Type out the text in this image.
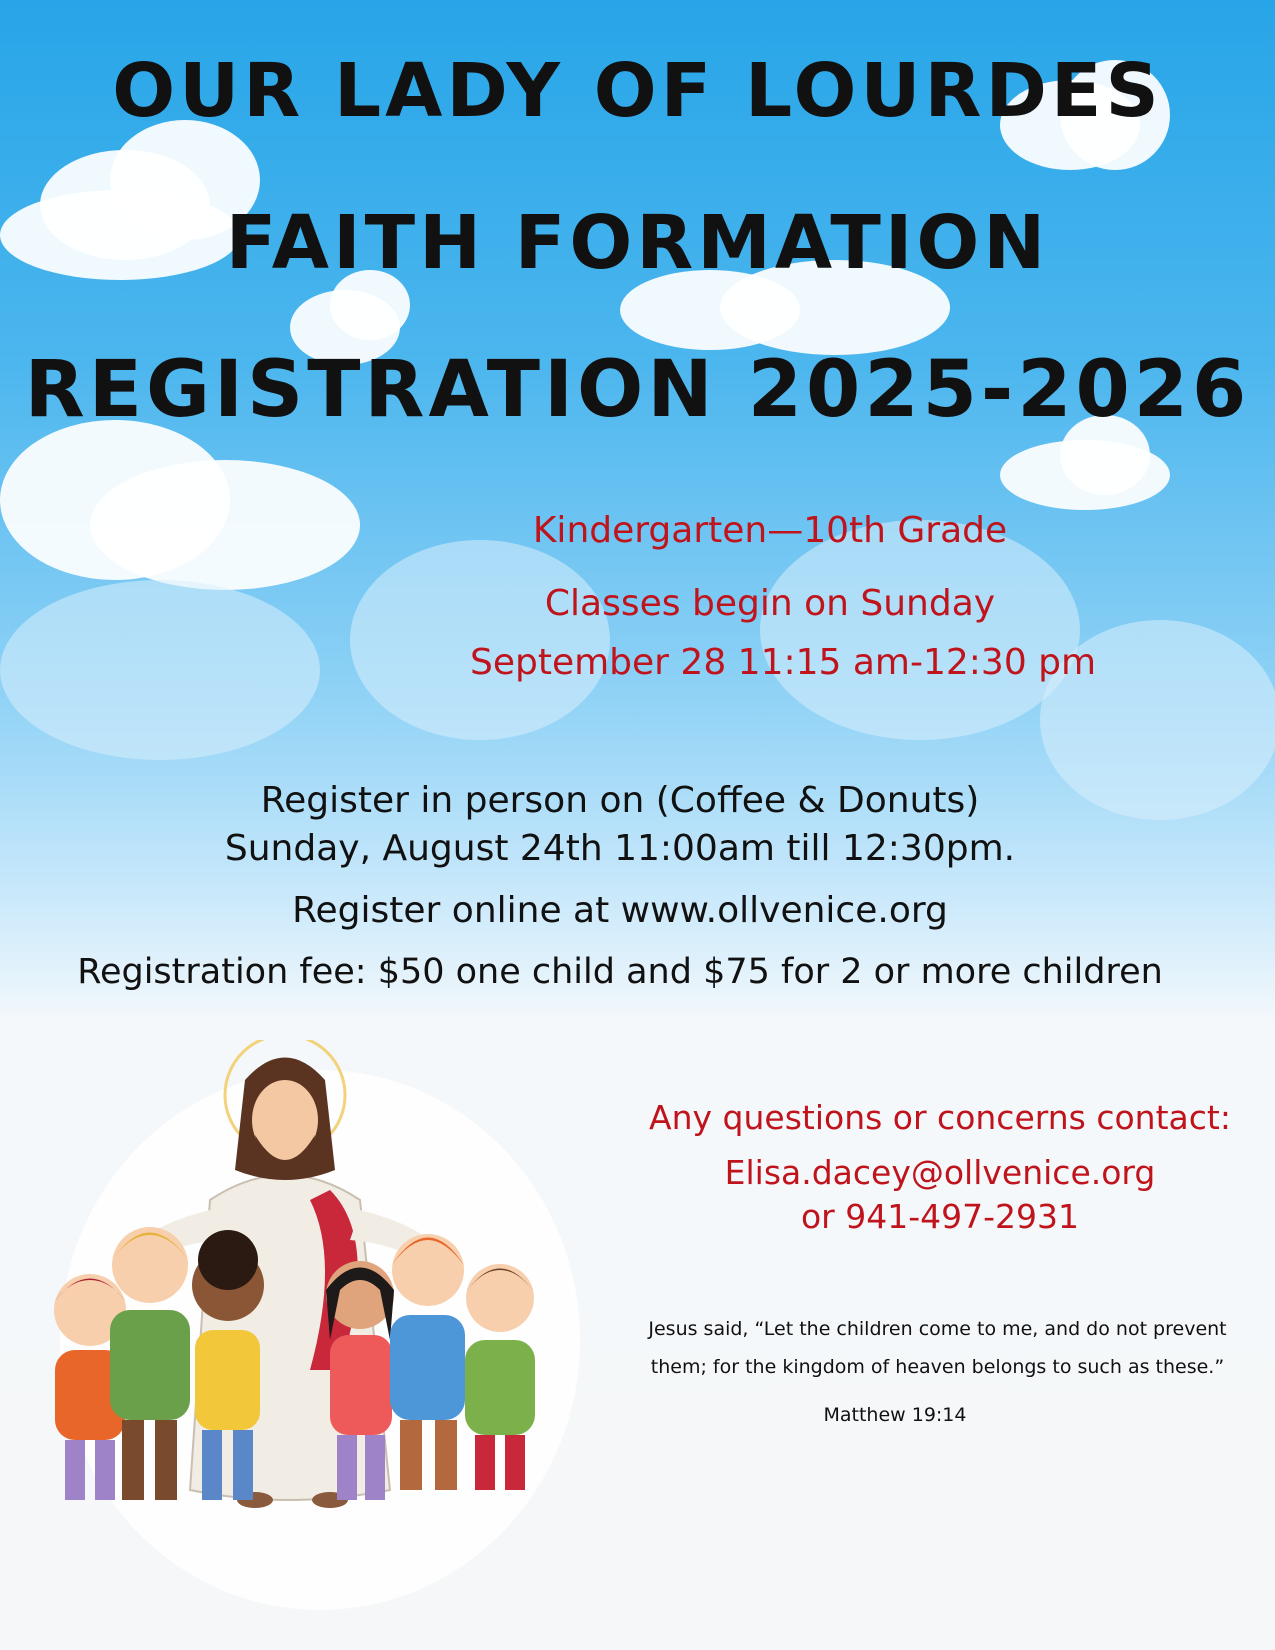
OUR LADY OF LOURDES
FAITH FORMATION
REGISTRATION 2025-2026

Kindergarten—10th Grade

Classes begin on Sunday

September 28 11:15 am-12:30 pm

Register in person on (Coffee & Donuts)

Sunday, August 24th 11:00am till 12:30pm.

Register online at www.ollvenice.org

Registration fee: $50 one child and $75 for 2 or more children

Any questions or concerns contact:

Elisa.dacey@ollvenice.org

or 941-497-2931

Jesus said, “Let the children come to me, and do not prevent

them; for the kingdom of heaven belongs to such as these.”

Matthew 19:14
